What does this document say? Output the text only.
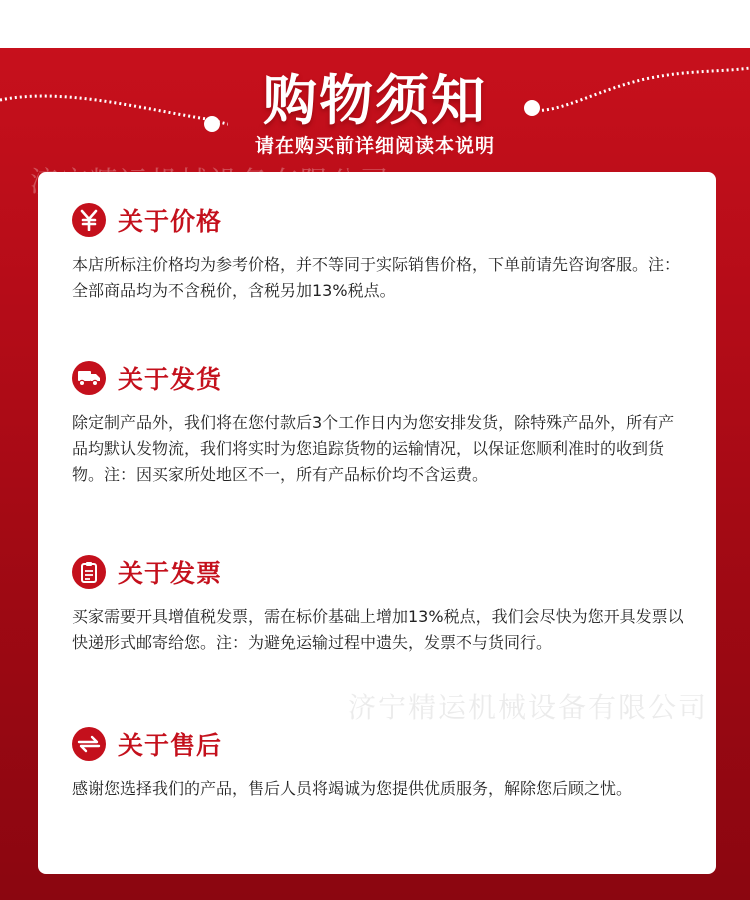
购物须知
请在购买前详细阅读本说明
关于价格
本店所标注价格均为参考价格，并不等同于实际销售价格，下单前请先咨询客服。注：全部商品均为不含税价，含税另加13%税点。
关于发货
除定制产品外，我们将在您付款后3个工作日内为您安排发货，除特殊产品外，所有产品均默认发物流，我们将实时为您追踪货物的运输情况，以保证您顺利准时的收到货物。注：因买家所处地区不一，所有产品标价均不含运费。
关于发票
买家需要开具增值税发票，需在标价基础上增加13%税点，我们会尽快为您开具发票以快递形式邮寄给您。注：为避免运输过程中遗失，发票不与货同行。
关于售后
感谢您选择我们的产品，售后人员将竭诚为您提供优质服务，解除您后顾之忧。
济宁精运机械设备有限公司
济宁精运机械设备有限公司
